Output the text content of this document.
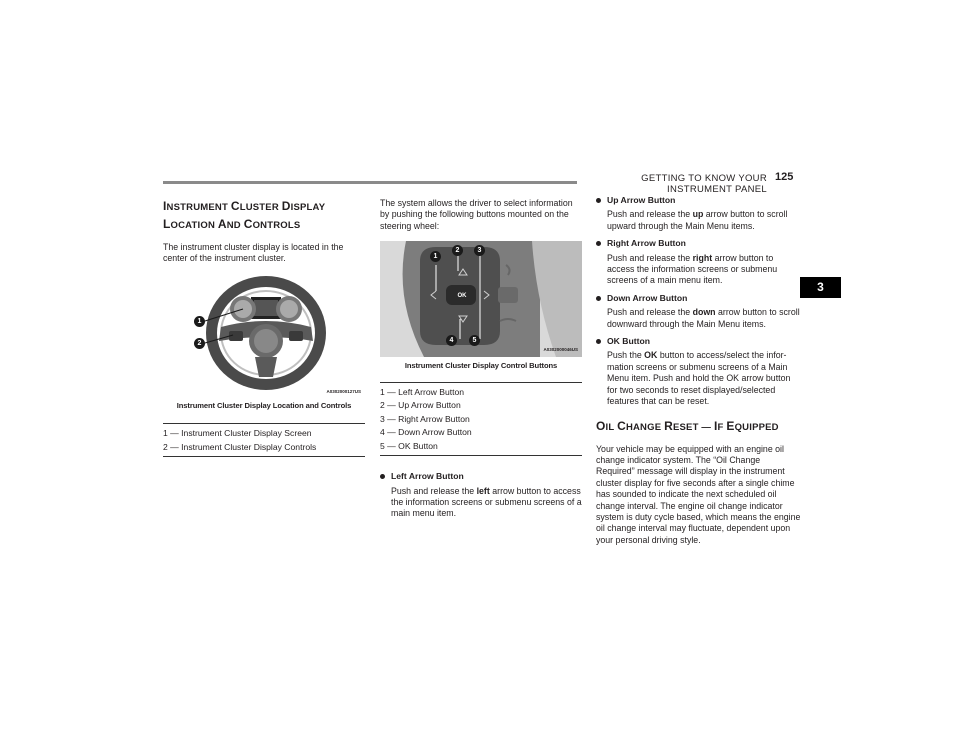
GETTING TO KNOW YOUR INSTRUMENT PANEL
125
3
INSTRUMENT CLUSTER DISPLAY
LOCATION AND CONTROLS

The instrument cluster display is located in the center of the instrument cluster.

1
2
A0302000127US
Instrument Cluster Display Location and Controls
1 — Instrument Cluster Display Screen
2 — Instrument Cluster Display Controls

The system allows the driver to select information by pushing the following buttons mounted on the steering wheel:

OK
1
2	3
4	5
A0302000046US
Instrument Cluster Display Control Buttons
1 — Left Arrow Button
2 — Up Arrow Button
3 — Right Arrow Button
4 — Down Arrow Button
5 — OK Button
Left Arrow Button

Push and release the left arrow button to access the information screens or submenu screens of a main menu item.

Up Arrow Button

Push and release the up arrow button to scroll upward through the Main Menu items.

Right Arrow Button

Push and release the right arrow button to access the information screens or submenu screens of a main menu item.

Down Arrow Button

Push and release the down arrow button to scroll downward through the Main Menu items.

OK Button

Push the OK button to access/select the infor-mation screens or submenu screens of a Main Menu item. Push and hold the OK arrow button for two seconds to reset displayed/selected features that can be reset.

OIL CHANGE RESET — IF EQUIPPED

Your vehicle may be equipped with an engine oil change indicator system. The “Oil Change Required” message will display in the instrument cluster display for five seconds after a single chime has sounded to indicate the next scheduled oil change interval. The engine oil change indicator system is duty cycle based, which means the engine oil change interval may fluctuate, dependent upon your personal driving style.
